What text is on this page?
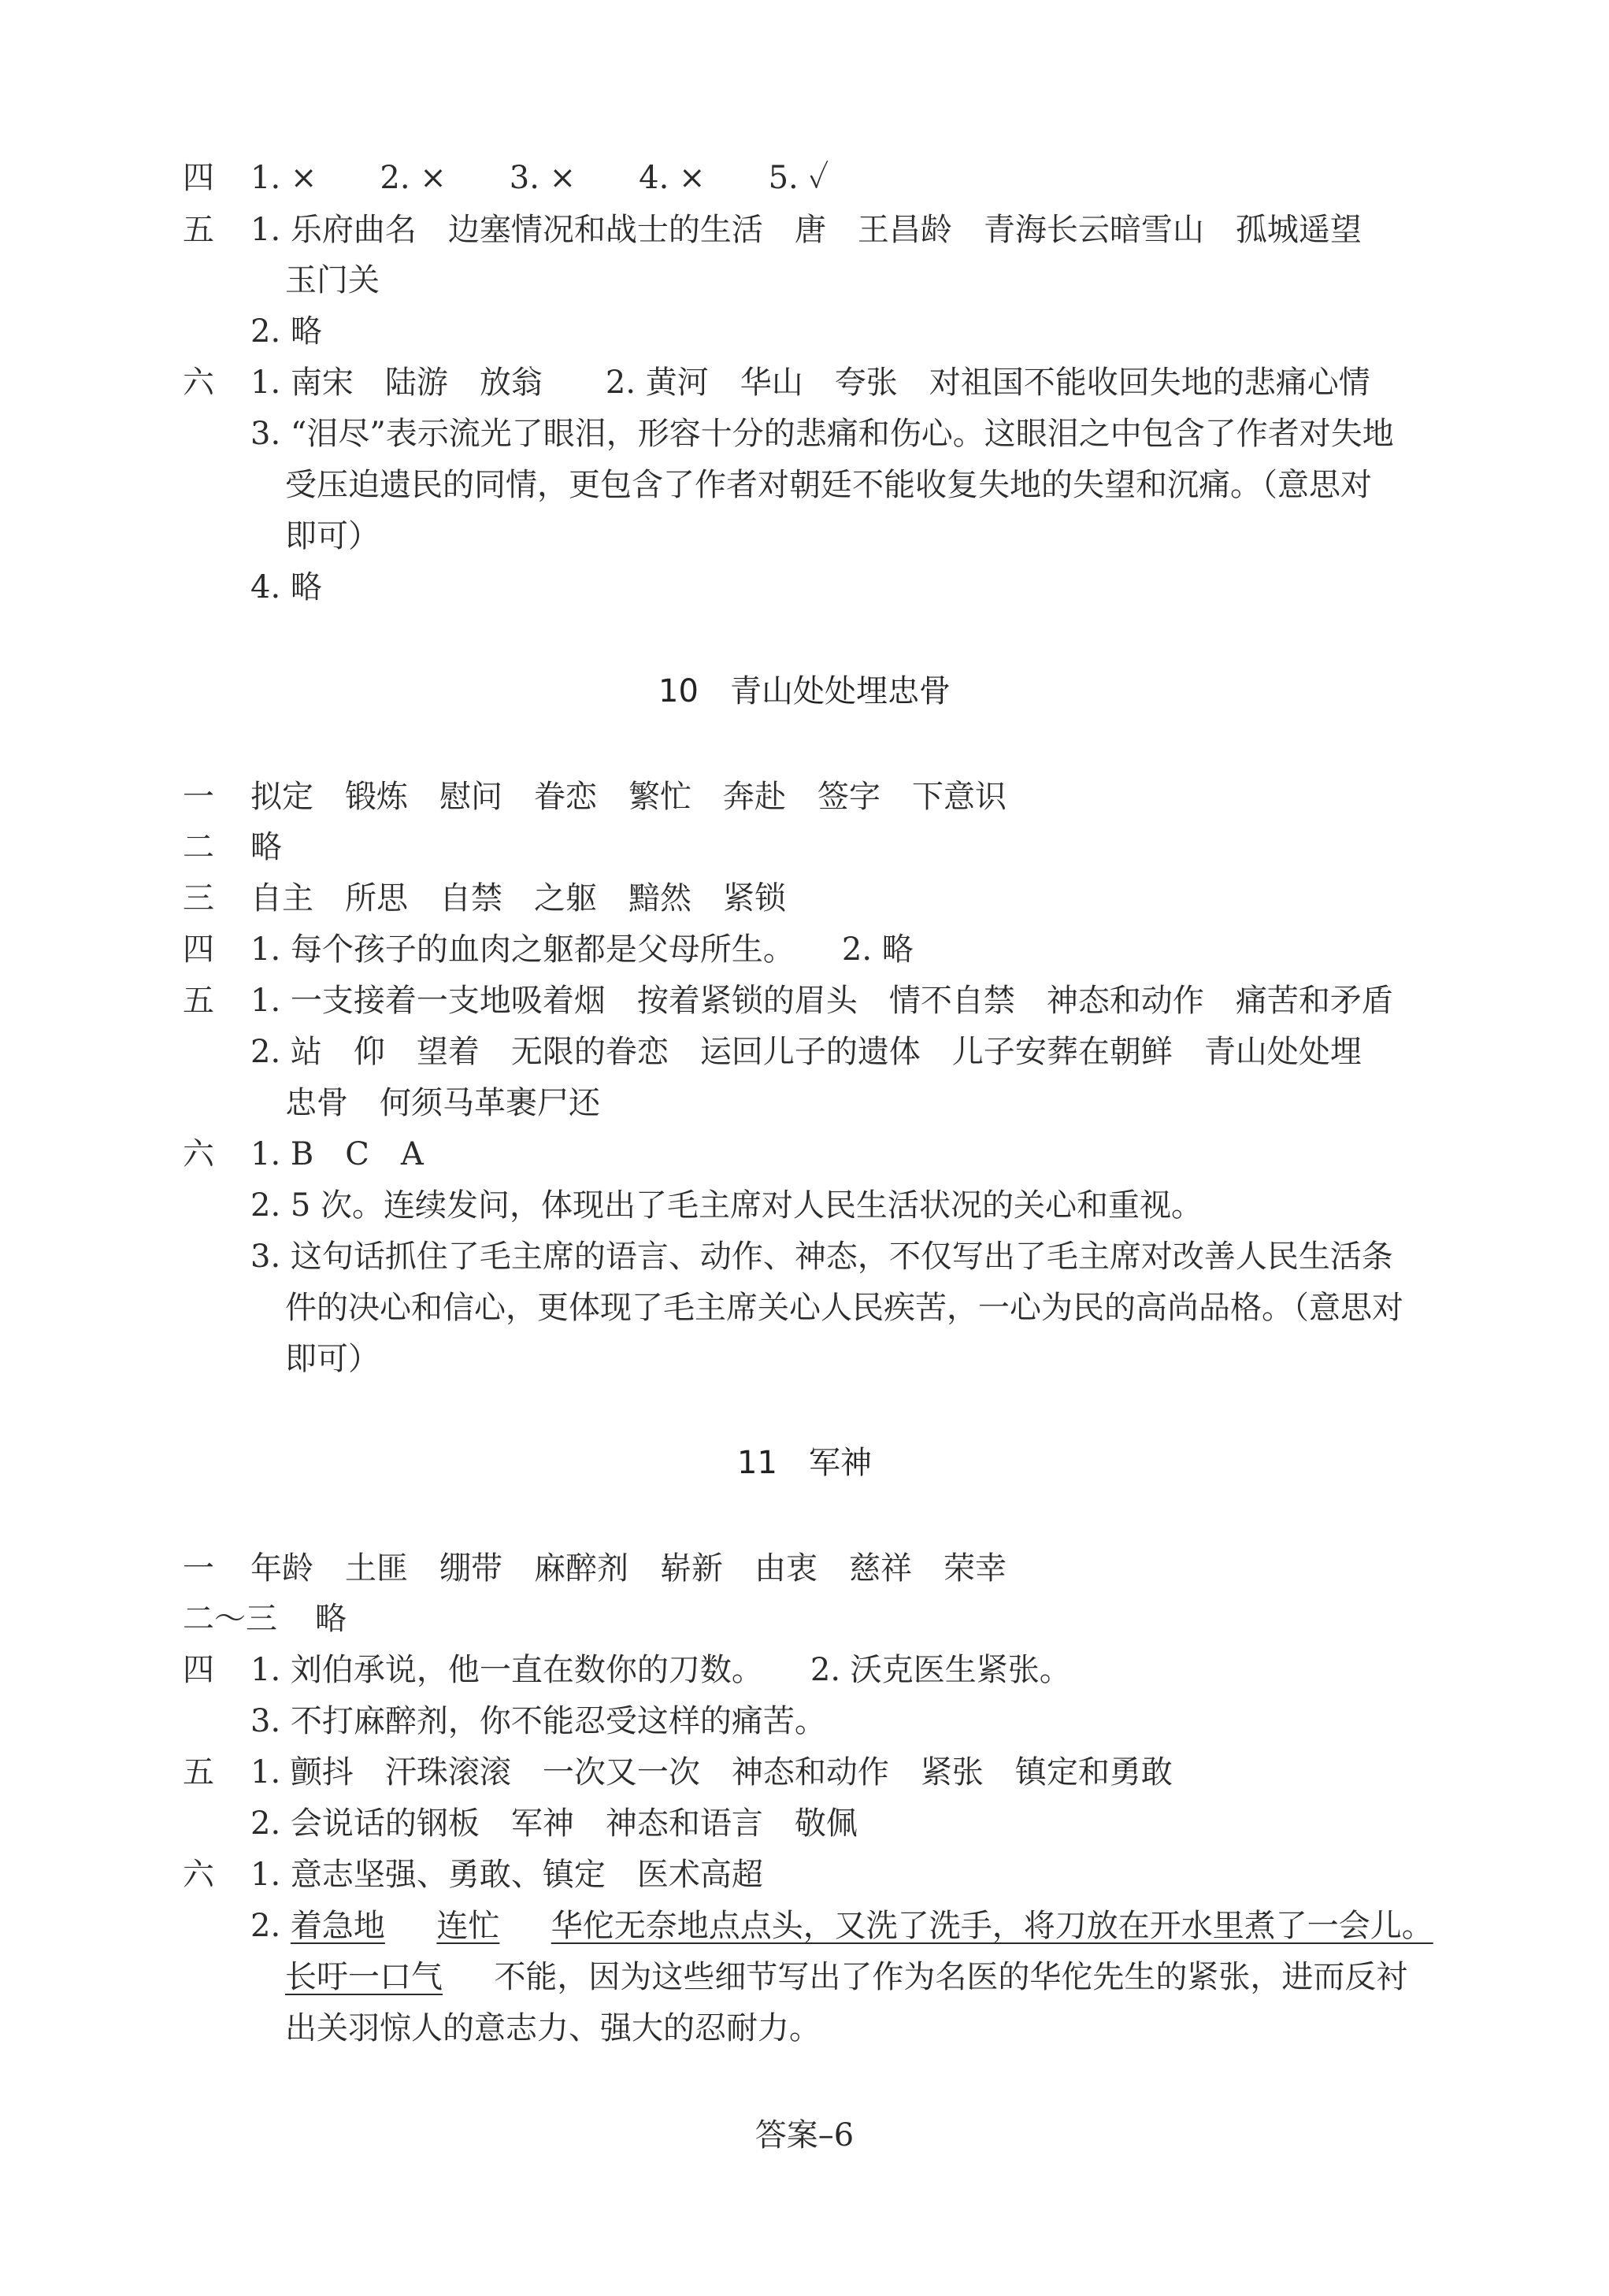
四 1. ×　　2. ×　　3. ×　　4. ×　　5. ✓
五 1. 乐府曲名　边塞情况和战士的生活　唐　王昌龄　青海长云暗雪山　孤城遥望
玉门关
2. 略
六 1. 南宋　陆游　放翁　　2. 黄河　华山　夸张　对祖国不能收回失地的悲痛心情
3. “泪尽”表示流光了眼泪，形容十分的悲痛和伤心。这眼泪之中包含了作者对失地
受压迫遗民的同情，更包含了作者对朝廷不能收复失地的失望和沉痛。（意思对
即可）
4. 略
10　青山处处埋忠骨
一 拟定　锻炼　慰问　眷恋　繁忙　奔赴　签字　下意识
二 略
三 自主　所思　自禁　之躯　黯然　紧锁
四 1. 每个孩子的血肉之躯都是父母所生。　　2. 略
五 1. 一支接着一支地吸着烟　按着紧锁的眉头　情不自禁　神态和动作　痛苦和矛盾
2. 站　仰　望着　无限的眷恋　运回儿子的遗体　儿子安葬在朝鲜　青山处处埋
忠骨　何须马革裹尸还
六 1. B　C　A
2. 5 次。连续发问，体现出了毛主席对人民生活状况的关心和重视。
3. 这句话抓住了毛主席的语言、动作、神态，不仅写出了毛主席对改善人民生活条
件的决心和信心，更体现了毛主席关心人民疾苦，一心为民的高尚品格。（意思对
即可）
11　军神
一 年龄　土匪　绷带　麻醉剂　崭新　由衷　慈祥　荣幸
二～三 略
四 1. 刘伯承说，他一直在数你的刀数。　　2. 沃克医生紧张。
3. 不打麻醉剂，你不能忍受这样的痛苦。
五 1. 颤抖　汗珠滚滚　一次又一次　神态和动作　紧张　镇定和勇敢
2. 会说话的钢板　军神　神态和语言　敬佩
六 1. 意志坚强、勇敢、镇定　医术高超
2. 着急地 　 连忙 　 华佗无奈地点点头，又洗了洗手，将刀放在开水里煮了一会儿。
长吁一口气 　 不能，因为这些细节写出了作为名医的华佗先生的紧张，进而反衬
出关羽惊人的意志力、强大的忍耐力。
答案–6
